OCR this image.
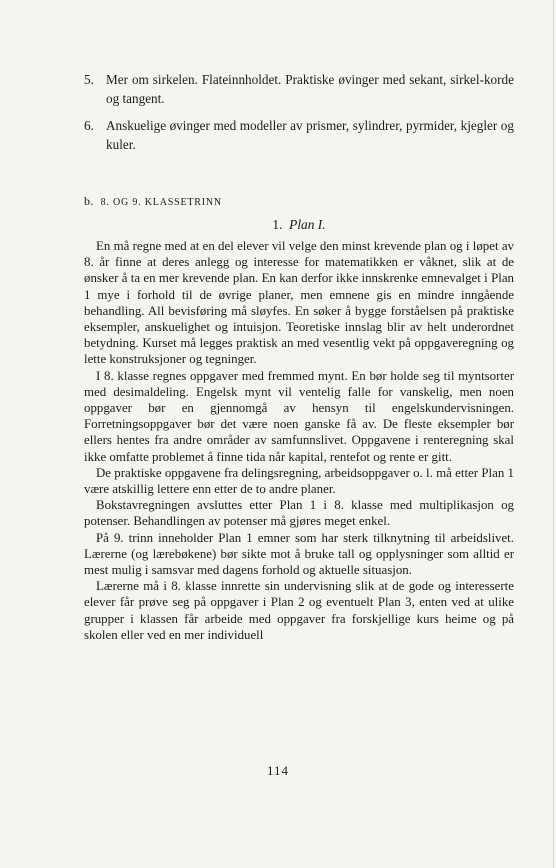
5. Mer om sirkelen. Flateinnholdet. Praktiske øvinger med sekant, sirkel-korde og tangent.
6. Anskuelige øvinger med modeller av prismer, sylindrer, pyrmider, kjegler og kuler.
b. 8. OG 9. KLASSETRINN
1. Plan I.

En må regne med at en del elever vil velge den minst krevende plan og i løpet av 8. år finne at deres anlegg og interesse for matematikken er våknet, slik at de ønsker å ta en mer krevende plan. En kan derfor ikke innskrenke emnevalget i Plan 1 mye i forhold til de øvrige planer, men emnene gis en mindre inngående behandling. All bevisføring må sløyfes. En søker å bygge forståelsen på praktiske eksempler, anskuelighet og intuisjon. Teoretiske innslag blir av helt underordnet betydning. Kurset må legges praktisk an med vesentlig vekt på oppgaveregning og lette konstruksjoner og tegninger.

I 8. klasse regnes oppgaver med fremmed mynt. En bør holde seg til myntsorter med desimaldeling. Engelsk mynt vil ventelig falle for vanskelig, men noen oppgaver bør en gjennomgå av hensyn til engelskundervisningen. Forretningsoppgaver bør det være noen ganske få av. De fleste eksempler bør ellers hentes fra andre områder av samfunnslivet. Oppgavene i renteregning skal ikke omfatte problemet å finne tida når kapital, rentefot og rente er gitt.

De praktiske oppgavene fra delingsregning, arbeidsoppgaver o. l. må etter Plan 1 være atskillig lettere enn etter de to andre planer.

Bokstavregningen avsluttes etter Plan 1 i 8. klasse med multiplikasjon og potenser. Behandlingen av potenser må gjøres meget enkel.

På 9. trinn inneholder Plan 1 emner som har sterk tilknytning til arbeidslivet. Lærerne (og lærebøkene) bør sikte mot å bruke tall og opplysninger som alltid er mest mulig i samsvar med dagens forhold og aktuelle situasjon.

Lærerne må i 8. klasse innrette sin undervisning slik at de gode og interesserte elever får prøve seg på oppgaver i Plan 2 og eventuelt Plan 3, enten ved at ulike grupper i klassen får arbeide med oppgaver fra forskjellige kurs heime og på skolen eller ved en mer individuell

114
